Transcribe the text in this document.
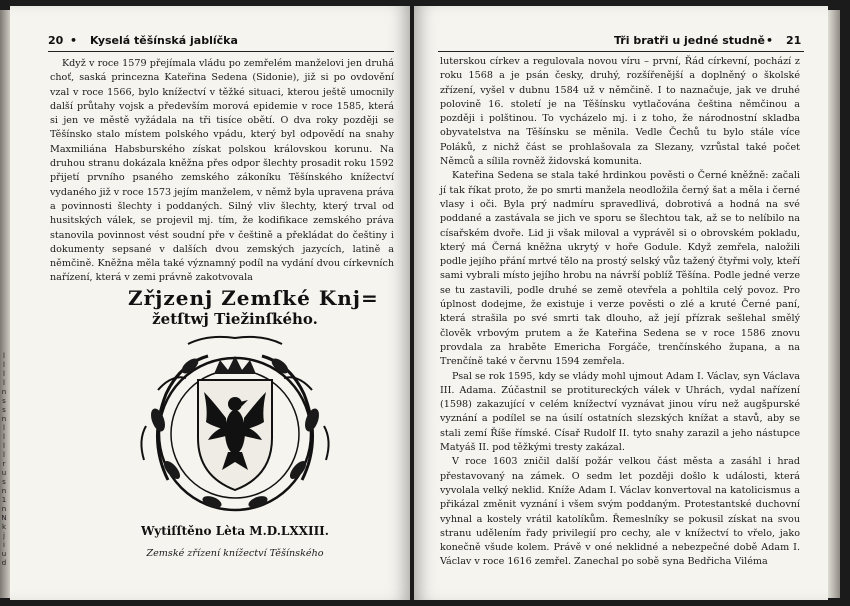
20 • Kyselá těšínská jablíčka

Když v roce 1579 přejímala vládu po zemřelém manželovi jen druhá choť, saská princezna Kateřina Sedena (Sidonie), již si po ovdovění vzal v roce 1566, bylo knížectví v těžké situaci, kterou ještě umocnily další průtahy vojsk a především morová epidemie v roce 1585, která si jen ve městě vyžádala na tři tisíce obětí. O dva roky později se Těšínsko stalo místem polského vpádu, který byl odpovědí na snahy Maxmiliána Habsburského získat polskou královskou korunu. Na druhou stranu dokázala kněžna přes odpor šlechty prosadit roku 1592 přijetí prvního psaného zemského zákoníku Těšínského knížectví vydaného již v roce 1573 jejím manželem, v němž byla upravena práva a povinnosti šlechty i poddaných. Silný vliv šlechty, který trval od husitských válek, se projevil mj. tím, že kodifikace zemského práva stanovila povinnost vést soudní pře v češtině a překládat do češtiny i dokumenty sepsané v dalších dvou zemských jazycích, latině a němčině. Kněžna měla také významný podíl na vydání dvou církevních nařízení, která v zemi právně zakotvovala

Zřjzenj Zemſké Knj=
žetſtwj Tiežinſkého.
Wytiſſtěno Lèta M.D.LXXIII.
Zemské zřízení knížectví Těšínského
l
l
l
l
n
s
s
n
l
l
l
l
r
u
s
n
1
n
N
k
j
i
u
d
Tři bratři u jedné studně • 21

luterskou církev a regulovala novou víru – první, Řád církevní, pochází z roku 1568 a je psán česky, druhý, rozšířenější a doplněný o školské zřízení, vyšel v dubnu 1584 už v němčině. I to naznačuje, jak ve druhé polovině 16. století je na Těšínsku vytlačována čeština němčinou a později i polštinou. To vycházelo mj. i z toho, že národnostní skladba obyvatelstva na Těšínsku se měnila. Vedle Čechů tu bylo stále více Poláků, z nichž část se prohlašovala za Slezany, vzrůstal také počet Němců a sílila rovněž židovská komunita.

Kateřina Sedena se stala také hrdinkou pověsti o Černé kněžně: začali jí tak říkat proto, že po smrti manžela neodložila černý šat a měla i černé vlasy i oči. Byla prý nadmíru spravedlivá, dobrotivá a hodná na své poddané a zastávala se jich ve sporu se šlechtou tak, až se to nelíbilo na císařském dvoře. Lid ji však miloval a vyprávěl si o obrovském pokladu, který má Černá kněžna ukrytý v hoře Godule. Když zemřela, naložili podle jejího přání mrtvé tělo na prostý selský vůz tažený čtyřmi voly, kteří sami vybrali místo jejího hrobu na návrší poblíž Těšína. Podle jedné verze se tu zastavili, podle druhé se země otevřela a pohltila celý povoz. Pro úplnost dodejme, že existuje i verze pověsti o zlé a kruté Černé paní, která strašila po své smrti tak dlouho, až její přízrak sešlehal smělý člověk vrbovým prutem a že Kateřina Sedena se v roce 1586 znovu provdala za hraběte Emericha Forgáče, trenčínského župana, a na Trenčíně také v červnu 1594 zemřela.

Psal se rok 1595, kdy se vlády mohl ujmout Adam I. Václav, syn Václava III. Adama. Zúčastnil se protitureckých válek v Uhrách, vydal nařízení (1598) zakazující v celém knížectví vyznávat jinou víru než augšpurské vyznání a podílel se na úsilí ostatních slezských knížat a stavů, aby se stali zemí Říše římské. Císař Rudolf II. tyto snahy zarazil a jeho nástupce Matyáš II. pod těžkými tresty zakázal.

V roce 1603 zničil další požár velkou část města a zasáhl i hrad přestavovaný na zámek. O sedm let později došlo k události, která vyvolala velký neklid. Kníže Adam I. Václav konvertoval na katolicismus a přikázal změnit vyznání i všem svým poddaným. Protestantské duchovní vyhnal a kostely vrátil katolíkům. Řemeslníky se pokusil získat na svou stranu udělením řady privilegií pro cechy, ale v knížectví to vřelo, jako konečně všude kolem. Právě v oné neklidné a nebezpečné době Adam I. Václav v roce 1616 zemřel. Zanechal po sobě syna Bedřicha Viléma
